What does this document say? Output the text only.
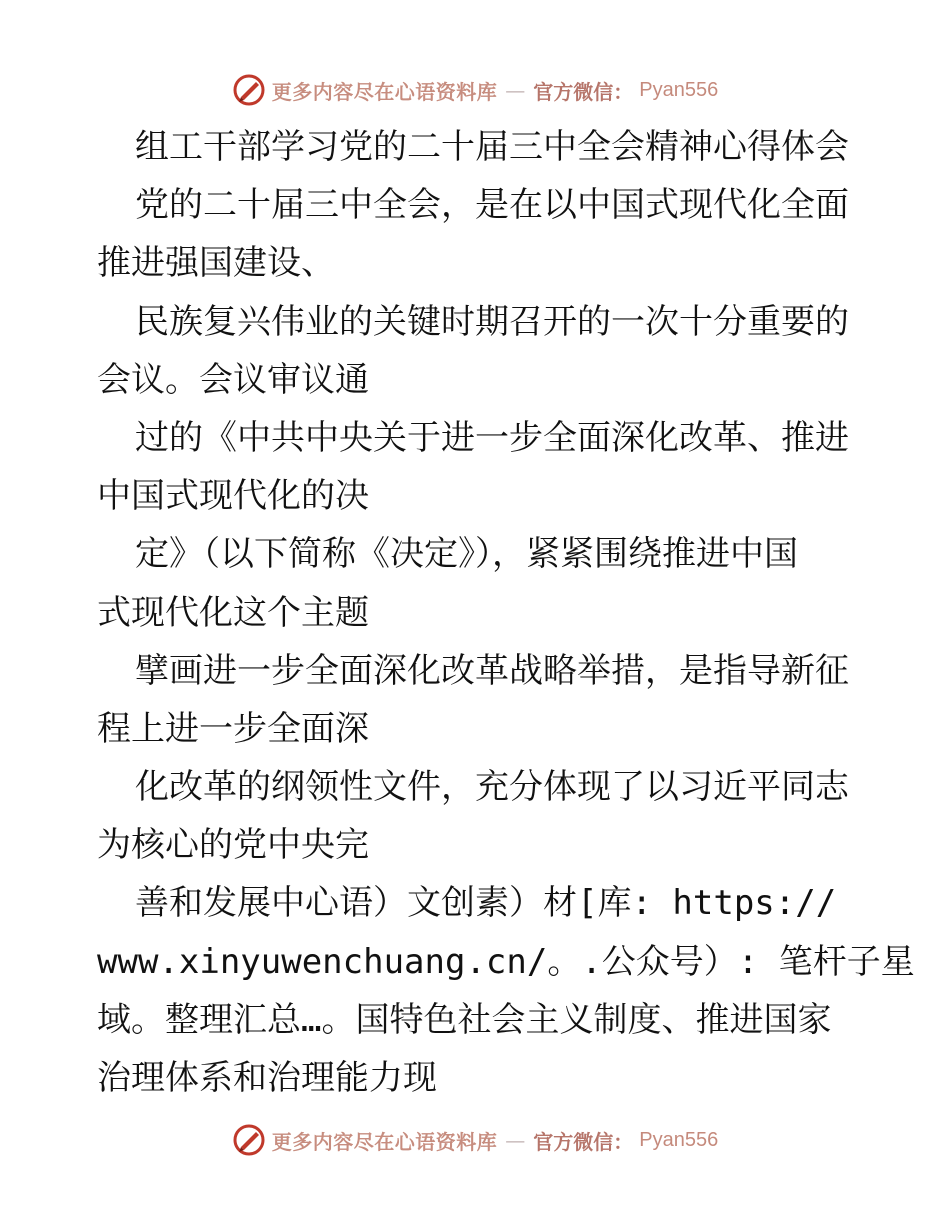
更多内容尽在心语资料库 — 官方微信： Pyan556
组工干部学习党的二十届三中全会精神心得体会
党的二十届三中全会，是在以中国式现代化全面
推进强国建设、
民族复兴伟业的关键时期召开的一次十分重要的
会议。会议审议通
过的《中共中央关于进一步全面深化改革、推进
中国式现代化的决
定》（以下简称《决定》），紧紧围绕推进中国
式现代化这个主题
擘画进一步全面深化改革战略举措，是指导新征
程上进一步全面深
化改革的纲领性文件，充分体现了以习近平同志
为核心的党中央完
善和发展中心语）文创素）材[库: https://
www.xinyuwenchuang.cn/。.公众号）: 笔杆子星
域。整理汇总…。国特色社会主义制度、推进国家
治理体系和治理能力现
更多内容尽在心语资料库 — 官方微信： Pyan556
